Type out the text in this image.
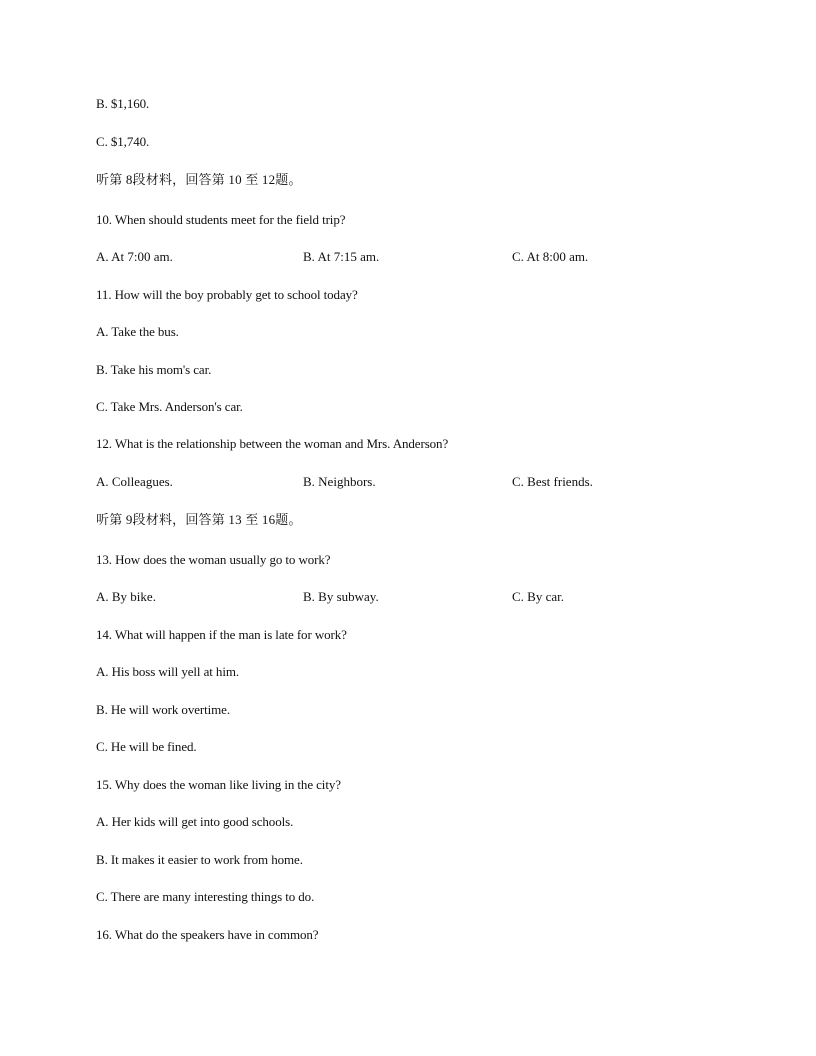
B. $1,160.
C. $1,740.
听第 8段材料，回答第 10 至 12题。
10. When should students meet for the field trip?
A. At 7:00 am.	B. At 7:15 am.	C. At 8:00 am.
11. How will the boy probably get to school today?
A. Take the bus.
B. Take his mom's car.
C. Take Mrs. Anderson's car.
12. What is the relationship between the woman and Mrs. Anderson?
A. Colleagues.	B. Neighbors.	C. Best friends.
听第 9段材料，回答第 13 至 16题。
13. How does the woman usually go to work?
A. By bike.	B. By subway.	C. By car.
14. What will happen if the man is late for work?
A. His boss will yell at him.
B. He will work overtime.
C. He will be fined.
15. Why does the woman like living in the city?
A. Her kids will get into good schools.
B. It makes it easier to work from home.
C. There are many interesting things to do.
16. What do the speakers have in common?
